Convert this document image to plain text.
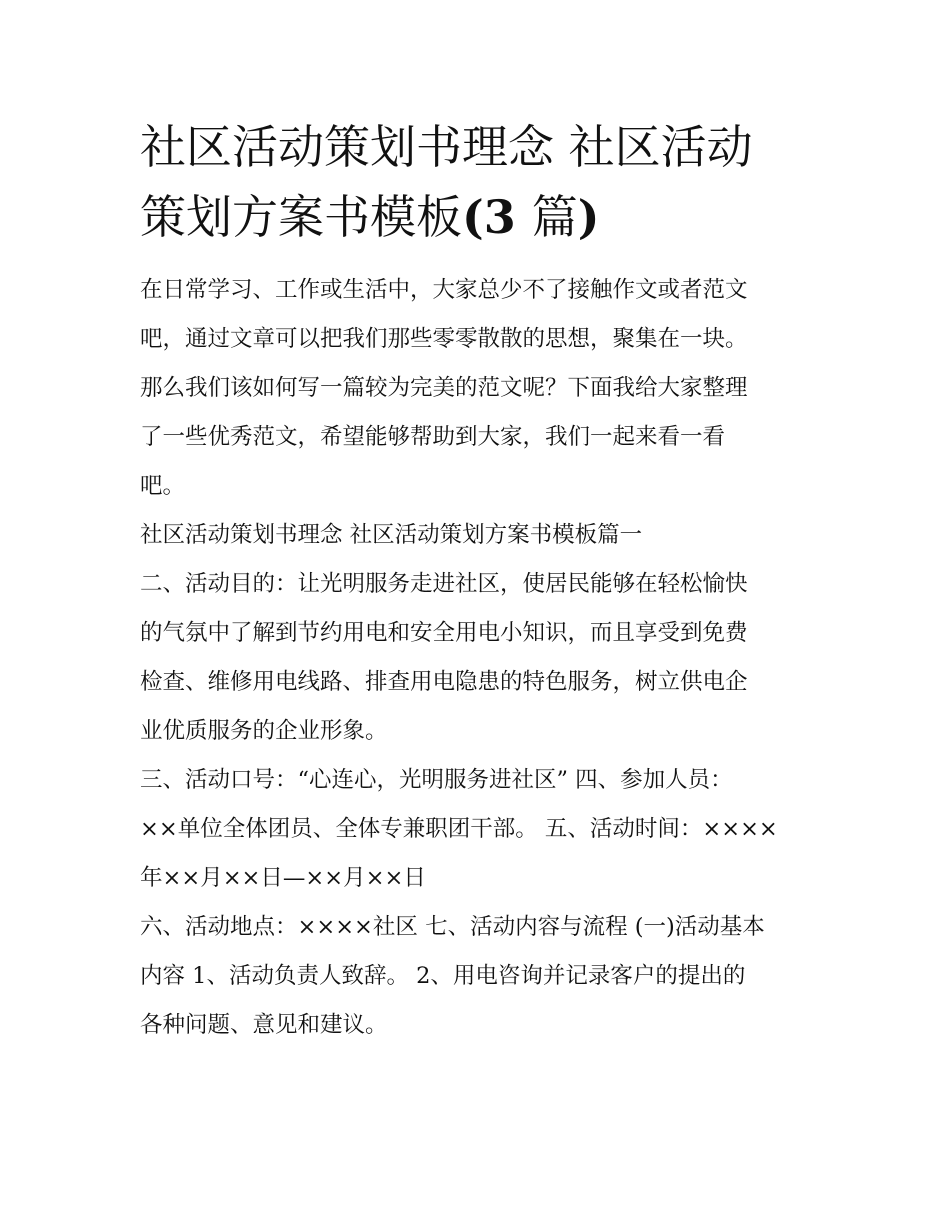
社区活动策划书理念 社区活动
策划方案书模板(3 篇)

在日常学习、工作或生活中，大家总少不了接触作文或者范文
吧，通过文章可以把我们那些零零散散的思想，聚集在一块。
那么我们该如何写一篇较为完美的范文呢？下面我给大家整理
了一些优秀范文，希望能够帮助到大家，我们一起来看一看
吧。

社区活动策划书理念 社区活动策划方案书模板篇一

二、活动目的：让光明服务走进社区，使居民能够在轻松愉快
的气氛中了解到节约用电和安全用电小知识，而且享受到免费
检查、维修用电线路、排查用电隐患的特色服务，树立供电企
业优质服务的企业形象。

三、活动口号：“心连心，光明服务进社区” 四、参加人员：
××单位全体团员、全体专兼职团干部。 五、活动时间：××××
年××月××日—××月××日

六、活动地点：××××社区 七、活动内容与流程 (一)活动基本
内容 1、活动负责人致辞。 2、用电咨询并记录客户的提出的
各种问题、意见和建议。
